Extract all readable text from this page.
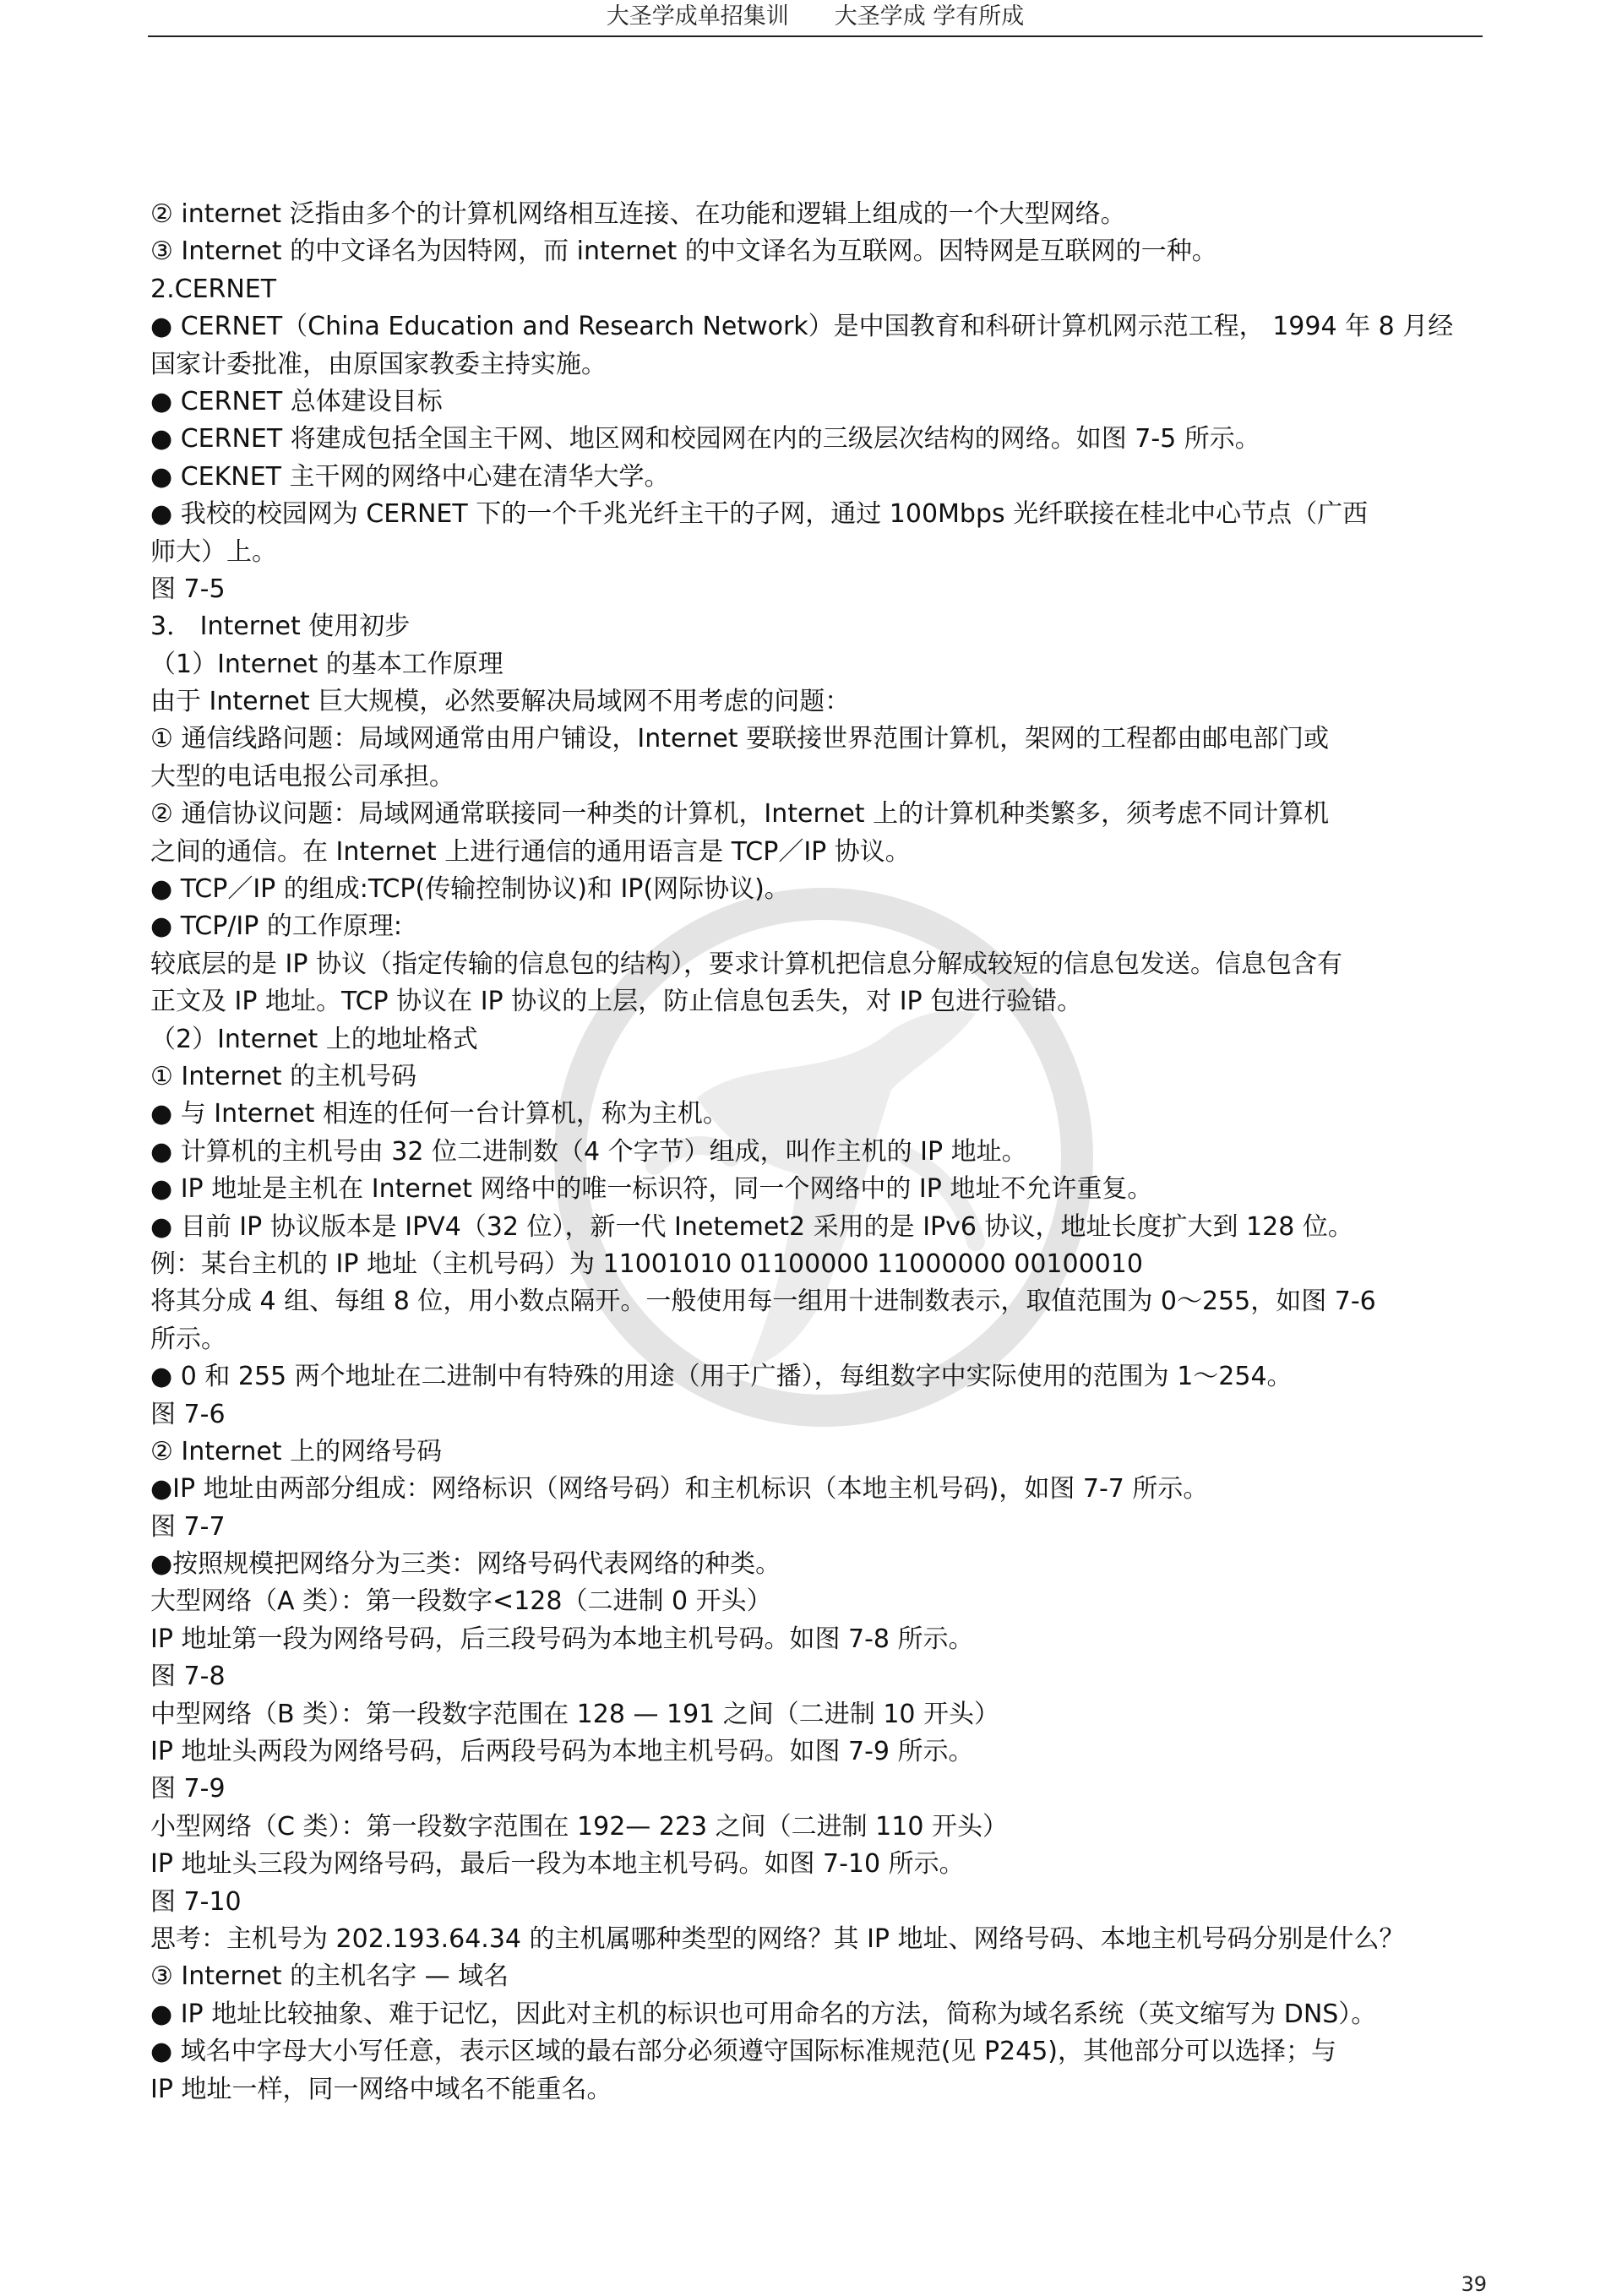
大圣学成单招集训　　大圣学成 学有所成
② internet 泛指由多个的计算机网络相互连接、在功能和逻辑上组成的一个大型网络。
③ Internet 的中文译名为因特网，而 internet 的中文译名为互联网。因特网是互联网的一种。
2.CERNET
● CERNET（China Education and Research Network）是中国教育和科研计算机网示范工程， 1994 年 8 月经
国家计委批准，由原国家教委主持实施。
● CERNET 总体建设目标
● CERNET 将建成包括全国主干网、地区网和校园网在内的三级层次结构的网络。如图 7-5 所示。
● CEKNET 主干网的网络中心建在清华大学。
● 我校的校园网为 CERNET 下的一个千兆光纤主干的子网，通过 100Mbps 光纤联接在桂北中心节点（广西
师大）上。
图 7-5
3． Internet 使用初步
（1）Internet 的基本工作原理
由于 Internet 巨大规模，必然要解决局域网不用考虑的问题：
① 通信线路问题：局域网通常由用户铺设，Internet 要联接世界范围计算机，架网的工程都由邮电部门或
大型的电话电报公司承担。
② 通信协议问题：局域网通常联接同一种类的计算机，Internet 上的计算机种类繁多，须考虑不同计算机
之间的通信。在 Internet 上进行通信的通用语言是 TCP／IP 协议。
● TCP／IP 的组成:TCP(传输控制协议)和 IP(网际协议)。
● TCP/IP 的工作原理:
较底层的是 IP 协议（指定传输的信息包的结构），要求计算机把信息分解成较短的信息包发送。信息包含有
正文及 IP 地址。TCP 协议在 IP 协议的上层，防止信息包丢失，对 IP 包进行验错。
（2）Internet 上的地址格式
① Internet 的主机号码
● 与 Internet 相连的任何一台计算机，称为主机。
● 计算机的主机号由 32 位二进制数（4 个字节）组成，叫作主机的 IP 地址。
● IP 地址是主机在 Internet 网络中的唯一标识符，同一个网络中的 IP 地址不允许重复。
● 目前 IP 协议版本是 IPV4（32 位），新一代 Inetemet2 采用的是 IPv6 协议，地址长度扩大到 128 位。
例：某台主机的 IP 地址（主机号码）为 11001010 01100000 11000000 00100010
将其分成 4 组、每组 8 位，用小数点隔开。一般使用每一组用十进制数表示，取值范围为 0～255，如图 7-6
所示。
● 0 和 255 两个地址在二进制中有特殊的用途（用于广播），每组数字中实际使用的范围为 1～254。
图 7-6
② Internet 上的网络号码
●IP 地址由两部分组成：网络标识（网络号码）和主机标识（本地主机号码)，如图 7-7 所示。
图 7-7
●按照规模把网络分为三类：网络号码代表网络的种类。
大型网络（A 类）：第一段数字<128（二进制 0 开头）
IP 地址第一段为网络号码，后三段号码为本地主机号码。如图 7-8 所示。
图 7-8
中型网络（B 类）：第一段数字范围在 128 — 191 之间（二进制 10 开头）
IP 地址头两段为网络号码，后两段号码为本地主机号码。如图 7-9 所示。
图 7-9
小型网络（C 类）：第一段数字范围在 192— 223 之间（二进制 110 开头）
IP 地址头三段为网络号码，最后一段为本地主机号码。如图 7-10 所示。
图 7-10
思考：主机号为 202.193.64.34 的主机属哪种类型的网络？其 IP 地址、网络号码、本地主机号码分别是什么？
③ Internet 的主机名字 — 域名
● IP 地址比较抽象、难于记忆，因此对主机的标识也可用命名的方法，简称为域名系统（英文缩写为 DNS）。
● 域名中字母大小写任意，表示区域的最右部分必须遵守国际标准规范(见 P245)，其他部分可以选择；与
IP 地址一样，同一网络中域名不能重名。
39
